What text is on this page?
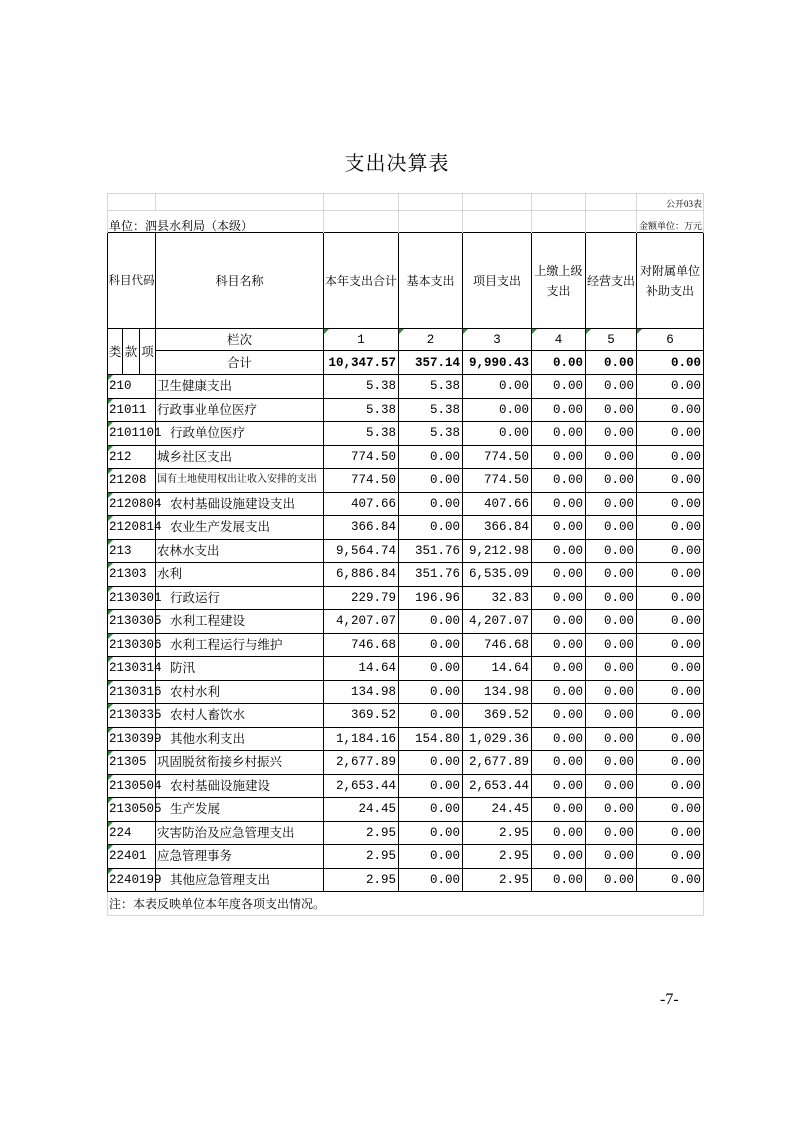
支出决算表
									公开03表
单位：泗县水利局（本级）									金额单位：万元
科目代码			科目名称	本年支出合计	基本支出	项目支出	上缴上级支出	经营支出	对附属单位补助支出
类	款	项	栏次	1	2	3	4	5	6
			合计	10,347.57	357.14	9,990.43	0.00	0.00	0.00
210			卫生健康支出	5.38	5.38	0.00	0.00	0.00	0.00
21011			行政事业单位医疗	5.38	5.38	0.00	0.00	0.00	0.00
2101101			行政单位医疗	5.38	5.38	0.00	0.00	0.00	0.00
212			城乡社区支出	774.50	0.00	774.50	0.00	0.00	0.00
21208			国有土地使用权出让收入安排的支出	774.50	0.00	774.50	0.00	0.00	0.00
2120804			农村基础设施建设支出	407.66	0.00	407.66	0.00	0.00	0.00
2120814			农业生产发展支出	366.84	0.00	366.84	0.00	0.00	0.00
213			农林水支出	9,564.74	351.76	9,212.98	0.00	0.00	0.00
21303			水利	6,886.84	351.76	6,535.09	0.00	0.00	0.00
2130301			行政运行	229.79	196.96	32.83	0.00	0.00	0.00
2130305			水利工程建设	4,207.07	0.00	4,207.07	0.00	0.00	0.00
2130306			水利工程运行与维护	746.68	0.00	746.68	0.00	0.00	0.00
2130314			防汛	14.64	0.00	14.64	0.00	0.00	0.00
2130316			农村水利	134.98	0.00	134.98	0.00	0.00	0.00
2130335			农村人畜饮水	369.52	0.00	369.52	0.00	0.00	0.00
2130399			其他水利支出	1,184.16	154.80	1,029.36	0.00	0.00	0.00
21305			巩固脱贫衔接乡村振兴	2,677.89	0.00	2,677.89	0.00	0.00	0.00
2130504			农村基础设施建设	2,653.44	0.00	2,653.44	0.00	0.00	0.00
2130505			生产发展	24.45	0.00	24.45	0.00	0.00	0.00
224			灾害防治及应急管理支出	2.95	0.00	2.95	0.00	0.00	0.00
22401			应急管理事务	2.95	0.00	2.95	0.00	0.00	0.00
2240199			其他应急管理支出	2.95	0.00	2.95	0.00	0.00	0.00
注：本表反映单位本年度各项支出情况。									
-7-
